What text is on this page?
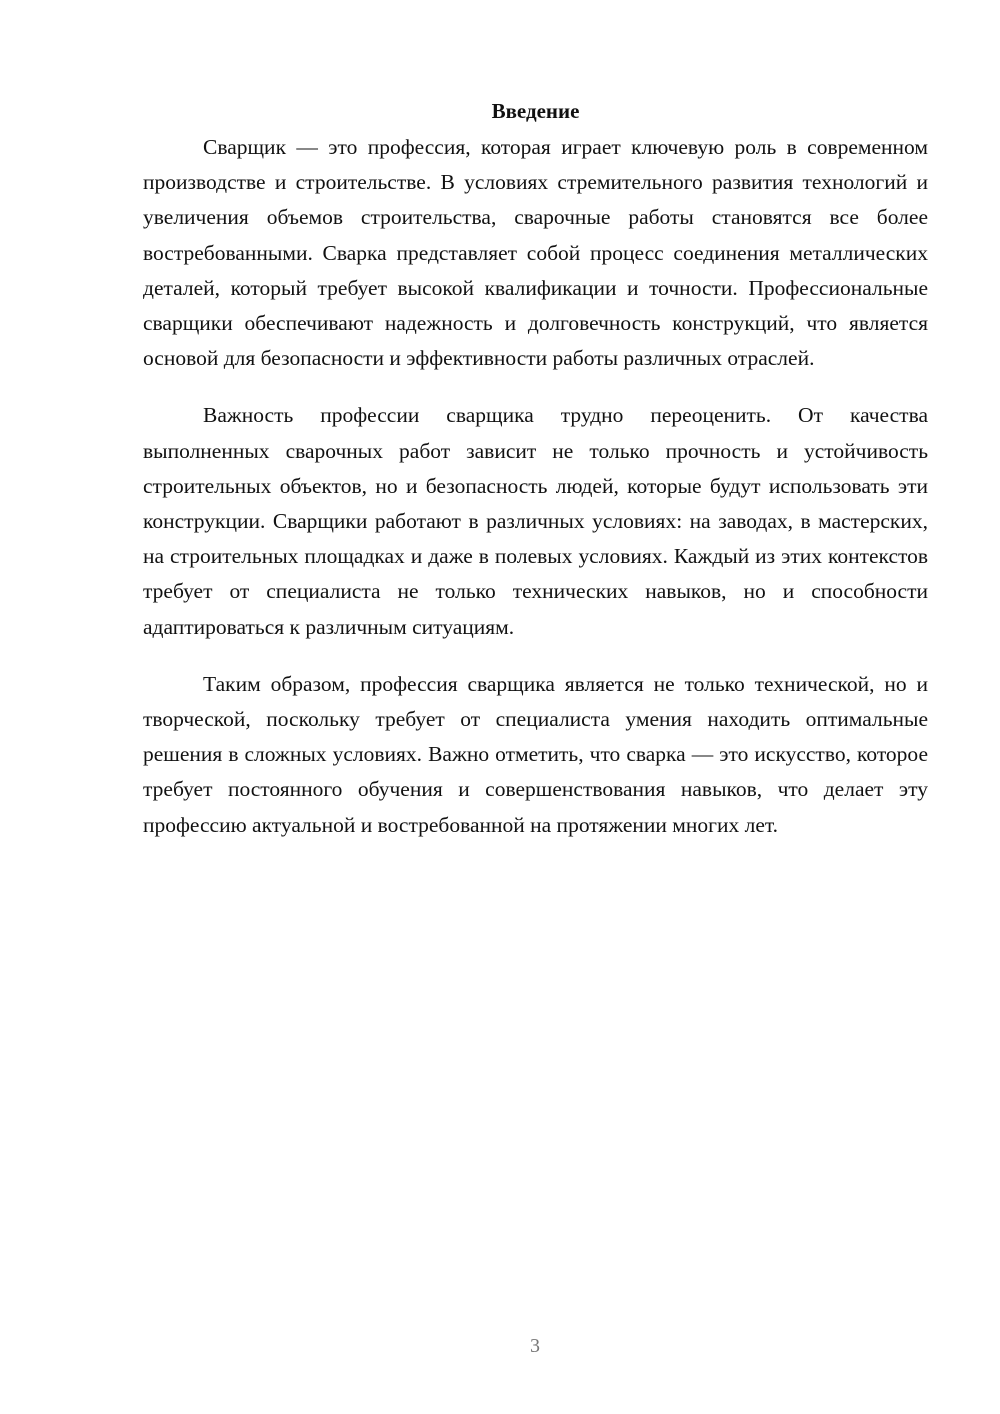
Введение

Сварщик — это профессия, которая играет ключевую роль в современном производстве и строительстве. В условиях стремительного развития технологий и увеличения объемов строительства, сварочные работы становятся все более востребованными. Сварка представляет собой процесс соединения металлических деталей, который требует высокой квалификации и точности. Профессиональные сварщики обеспечивают надежность и долговечность конструкций, что является основой для безопасности и эффективности работы различных отраслей.

Важность профессии сварщика трудно переоценить. От качества выполненных сварочных работ зависит не только прочность и устойчивость строительных объектов, но и безопасность людей, которые будут использовать эти конструкции. Сварщики работают в различных условиях: на заводах, в мастерских, на строительных площадках и даже в полевых условиях. Каждый из этих контекстов требует от специалиста не только технических навыков, но и способности адаптироваться к различным ситуациям.

Таким образом, профессия сварщика является не только технической, но и творческой, поскольку требует от специалиста умения находить оптимальные решения в сложных условиях. Важно отметить, что сварка — это искусство, которое требует постоянного обучения и совершенствования навыков, что делает эту профессию актуальной и востребованной на протяжении многих лет.

3
